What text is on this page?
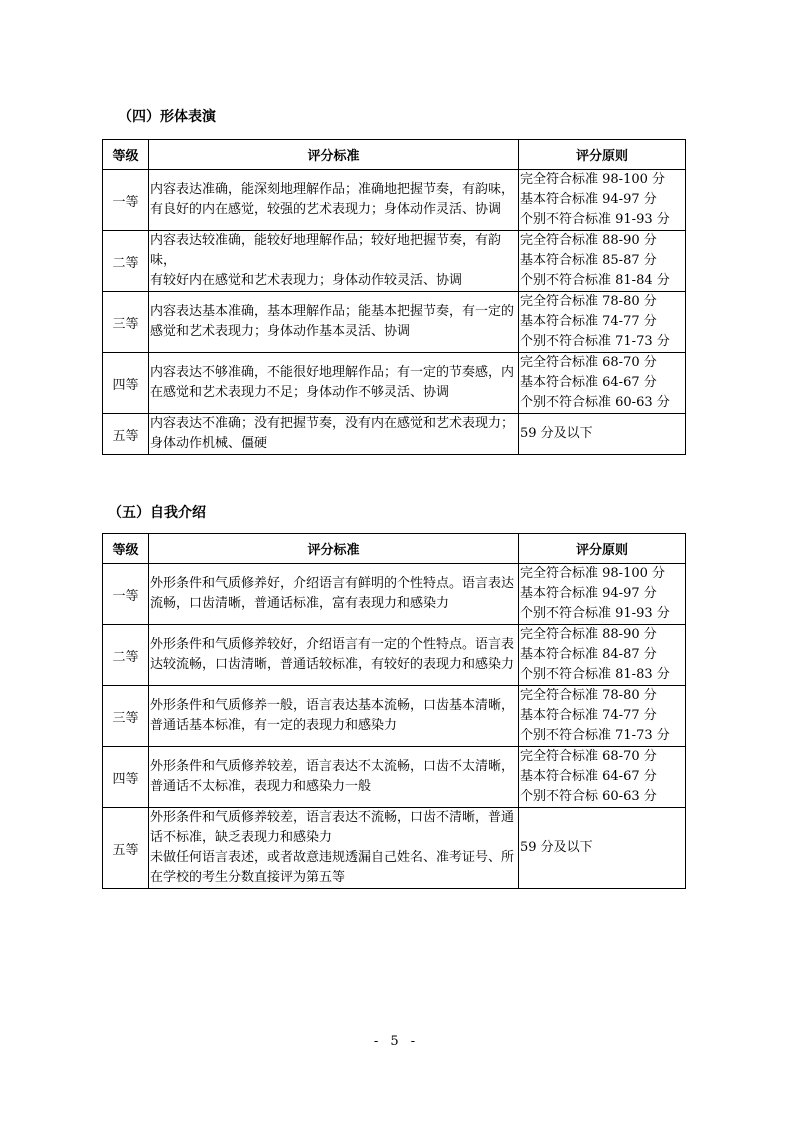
（四）形体表演
等级	评分标准	评分原则
一等	内容表达准确，能深刻地理解作品；准确地把握节奏，有韵味，
有良好的内在感觉，较强的艺术表现力；身体动作灵活、协调	完全符合标准 98-100 分
基本符合标准 94-97 分
个别不符合标准 91-93 分

二等	内容表达较准确，能较好地理解作品；较好地把握节奏，有韵味，
有较好内在感觉和艺术表现力；身体动作较灵活、协调	完全符合标准 88-90 分
基本符合标准 85-87 分
个别不符合标准 81-84 分

三等	内容表达基本准确，基本理解作品；能基本把握节奏，有一定的
感觉和艺术表现力；身体动作基本灵活、协调	完全符合标准 78-80 分
基本符合标准 74-77 分
个别不符合标准 71-73 分

四等	内容表达不够准确，不能很好地理解作品；有一定的节奏感，内
在感觉和艺术表现力不足；身体动作不够灵活、协调	完全符合标准 68-70 分
基本符合标准 64-67 分
个别不符合标准 60-63 分

五等	内容表达不准确；没有把握节奏，没有内在感觉和艺术表现力；
身体动作机械、僵硬	59 分及以下
（五）自我介绍
等级	评分标准	评分原则
一等	外形条件和气质修养好，介绍语言有鲜明的个性特点。语言表达
流畅，口齿清晰，普通话标准，富有表现力和感染力	完全符合标准 98-100 分
基本符合标准 94-97 分
个别不符合标准 91-93 分

二等	外形条件和气质修养较好，介绍语言有一定的个性特点。语言表
达较流畅，口齿清晰，普通话较标准，有较好的表现力和感染力	完全符合标准 88-90 分
基本符合标准 84-87 分
个别不符合标准 81-83 分

三等	外形条件和气质修养一般，语言表达基本流畅，口齿基本清晰，
普通话基本标准，有一定的表现力和感染力	完全符合标准 78-80 分
基本符合标准 74-77 分
个别不符合标准 71-73 分

四等	外形条件和气质修养较差，语言表达不太流畅，口齿不太清晰，
普通话不太标准，表现力和感染力一般	完全符合标准 68-70 分
基本符合标准 64-67 分
个别不符合标 60-63 分

五等	外形条件和气质修养较差，语言表达不流畅，口齿不清晰，普通
话不标准，缺乏表现力和感染力
未做任何语言表述，或者故意违规透漏自己姓名、准考证号、所
在学校的考生分数直接评为第五等	59 分及以下
- 5 -
